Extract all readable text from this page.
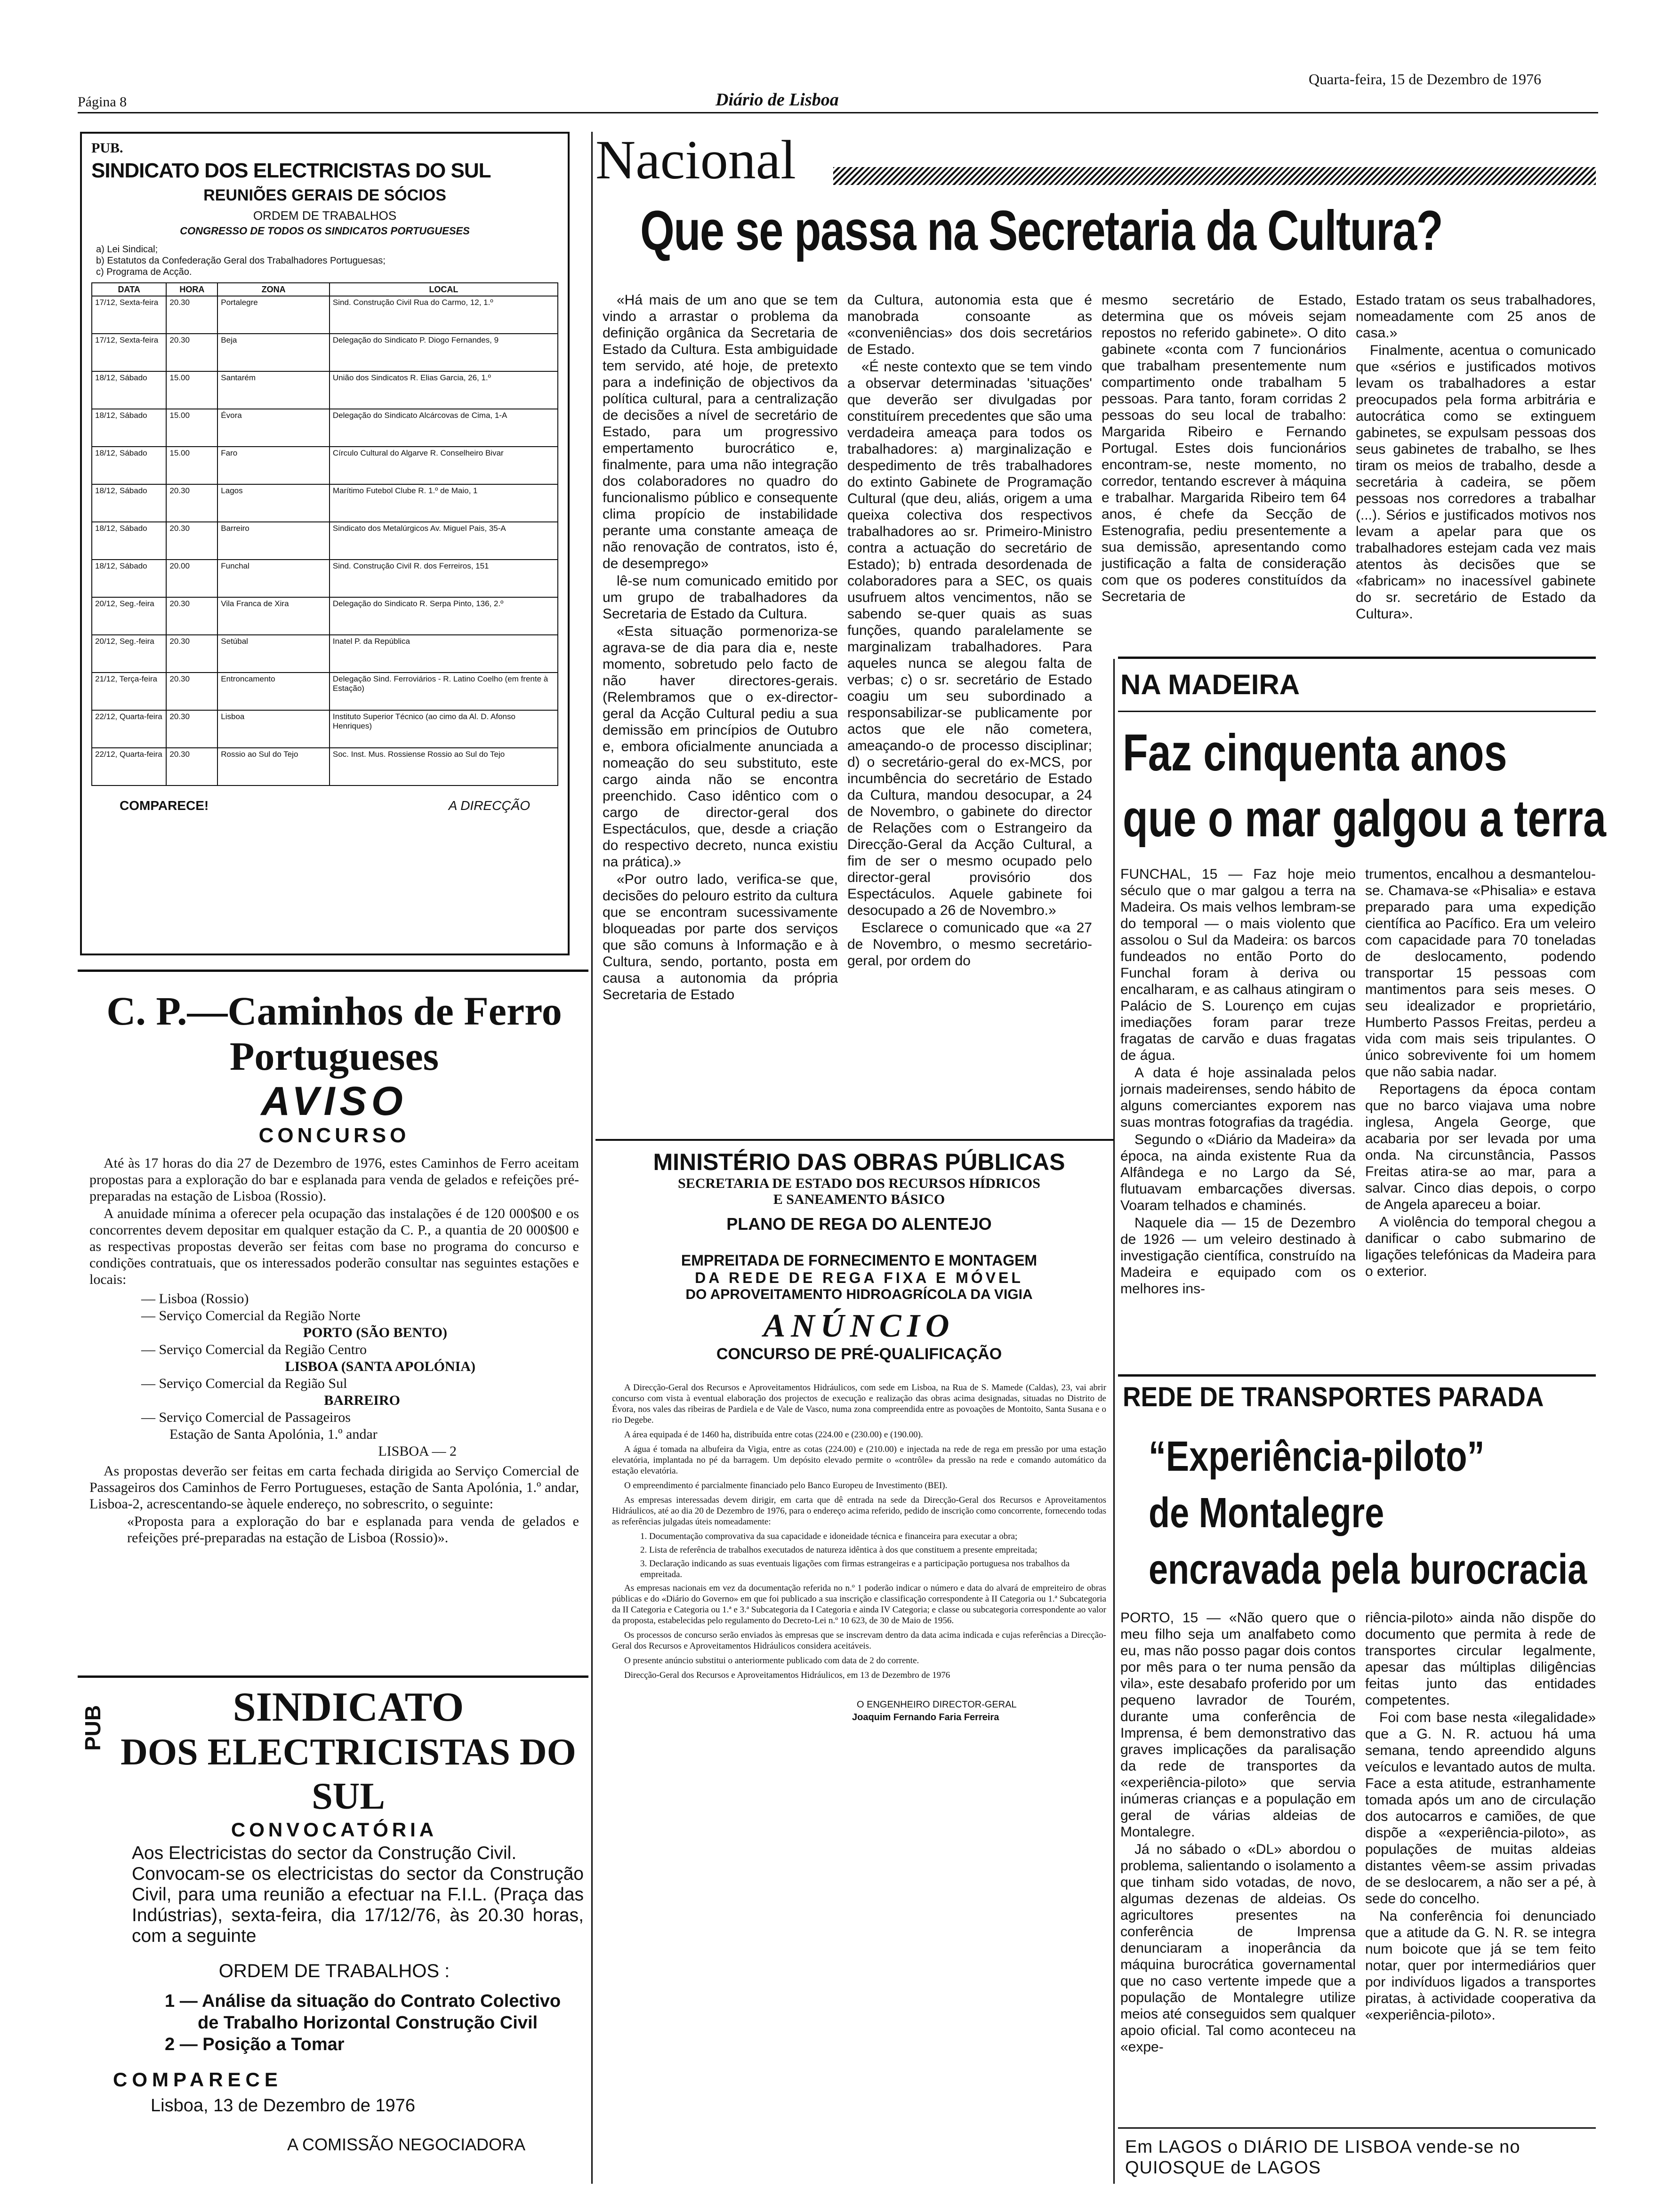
Página 8	Diário de Lisboa
Quarta-feira, 15 de Dezembro de 1976
PUB.
SINDICATO DOS ELECTRICISTAS DO SUL
REUNIÕES GERAIS DE SÓCIOS
ORDEM DE TRABALHOS
CONGRESSO DE TODOS OS SINDICATOS PORTUGUESES
a) Lei Sindical;
b) Estatutos da Confederação Geral dos Trabalhadores Portuguesas;
c) Programa de Acção.
DATA	HORA	ZONA	LOCAL
17/12, Sexta-feira	20.30	Portalegre	Sind. Construção Civil Rua do Carmo, 12, 1.º
17/12, Sexta-feira	20.30	Beja	Delegação do Sindicato P. Diogo Fernandes, 9
18/12, Sábado	15.00	Santarém	União dos Sindicatos R. Elias Garcia, 26, 1.º
18/12, Sábado	15.00	Évora	Delegação do Sindicato Alcárcovas de Cima, 1-A
18/12, Sábado	15.00	Faro	Círculo Cultural do Algarve R. Conselheiro Bivar
18/12, Sábado	20.30	Lagos	Marítimo Futebol Clube R. 1.º de Maio, 1
18/12, Sábado	20.30	Barreiro	Sindicato dos Metalúrgicos Av. Miguel Pais, 35-A
18/12, Sábado	20.00	Funchal	Sind. Construção Civil R. dos Ferreiros, 151
20/12, Seg.-feira	20.30	Vila Franca de Xira	Delegação do Sindicato R. Serpa Pinto, 136, 2.º
20/12, Seg.-feira	20.30	Setúbal	Inatel P. da República
21/12, Terça-feira	20.30	Entroncamento	Delegação Sind. Ferroviários - R. Latino Coelho (em frente à Estação)
22/12, Quarta-feira	20.30	Lisboa	Instituto Superior Técnico (ao cimo da Al. D. Afonso Henriques)
22/12, Quarta-feira	20.30	Rossio ao Sul do Tejo	Soc. Inst. Mus. Rossiense Rossio ao Sul do Tejo
COMPARECE!	A DIRECÇÃO
C. P.—Caminhos de Ferro
Portugueses
AVISO
CONCURSO

Até às 17 horas do dia 27 de Dezembro de 1976, estes Caminhos de Ferro aceitam propostas para a exploração do bar e esplanada para venda de gelados e refeições pré-preparadas na estação de Lisboa (Rossio).

A anuidade mínima a oferecer pela ocupação das instalações é de 120 000$00 e os concorrentes devem depositar em qualquer estação da C. P., a quantia de 20 000$00 e as respectivas propostas deverão ser feitas com base no programa do concurso e condições contratuais, que os interessados poderão consultar nas seguintes estações e locais:

— Lisboa (Rossio)
— Serviço Comercial da Região Norte
PORTO (SÃO BENTO)
— Serviço Comercial da Região Centro
LISBOA (SANTA APOLÓNIA)
— Serviço Comercial da Região Sul
BARREIRO
— Serviço Comercial de Passageiros
Estação de Santa Apolónia, 1.º andar
LISBOA — 2

As propostas deverão ser feitas em carta fechada dirigida ao Serviço Comercial de Passageiros dos Caminhos de Ferro Portugueses, estação de Santa Apolónia, 1.º andar, Lisboa-2, acrescentando-se àquele endereço, no sobrescrito, o seguinte:

«Proposta para a exploração do bar e esplanada para venda de gelados e refeições pré-preparadas na estação de Lisboa (Rossio)».

PUB	SINDICATO
DOS ELECTRICISTAS DO SUL
CONVOCATÓRIA
Aos Electricistas do sector da Construção Civil.
Convocam-se os electricistas do sector da Construção Civil, para uma reunião a efectuar na F.I.L. (Praça das Indústrias), sexta-feira, dia 17/12/76, às 20.30 horas, com a seguinte
ORDEM DE TRABALHOS :
1 — Análise da situação do Contrato Colectivo
de Trabalho Horizontal Construção Civil
2 — Posição a Tomar
COMPARECE
Lisboa, 13 de Dezembro de 1976
A COMISSÃO NEGOCIADORA
Nacional
Que se passa na Secretaria da Cultura?

«Há mais de um ano que se tem vindo a arrastar o problema da definição orgânica da Secretaria de Estado da Cultura. Esta ambiguidade tem servido, até hoje, de pretexto para a indefinição de objectivos da política cultural, para a centralização de decisões a nível de secretário de Estado, para um progressivo empertamento burocrático e, finalmente, para uma não integração dos colaboradores no quadro do funcionalismo público e consequente clima propício de instabilidade perante uma constante ameaça de não renovação de contratos, isto é, de desemprego»

lê-se num comunicado emitido por um grupo de trabalhadores da Secretaria de Estado da Cultura.

«Esta situação pormenoriza-se agrava-se de dia para dia e, neste momento, sobretudo pelo facto de não haver directores-gerais. (Relembramos que o ex-director-geral da Acção Cultural pediu a sua demissão em princípios de Outubro e, embora oficialmente anunciada a nomeação do seu substituto, este cargo ainda não se encontra preenchido. Caso idêntico com o cargo de director-geral dos Espectáculos, que, desde a criação do respectivo decreto, nunca existiu na prática).»

«Por outro lado, verifica-se que, decisões do pelouro estrito da cultura que se encontram sucessivamente bloqueadas por parte dos serviços que são comuns à Informação e à Cultura, sendo, portanto, posta em causa a autonomia da própria Secretaria de Estado

da Cultura, autonomia esta que é manobrada consoante as «conveniências» dos dois secretários de Estado.

«É neste contexto que se tem vindo a observar determinadas 'situações' que deverão ser divulgadas por constituírem precedentes que são uma verdadeira ameaça para todos os trabalhadores: a) marginalização e despedimento de três trabalhadores do extinto Gabinete de Programação Cultural (que deu, aliás, origem a uma queixa colectiva dos respectivos trabalhadores ao sr. Primeiro-Ministro contra a actuação do secretário de Estado); b) entrada desordenada de colaboradores para a SEC, os quais usufruem altos vencimentos, não se sabendo se-quer quais as suas funções, quando paralelamente se marginalizam trabalhadores. Para aqueles nunca se alegou falta de verbas; c) o sr. secretário de Estado coagiu um seu subordinado a responsabilizar-se publicamente por actos que ele não cometera, ameaçando-o de processo disciplinar; d) o secretário-geral do ex-MCS, por incumbência do secretário de Estado da Cultura, mandou desocupar, a 24 de Novembro, o gabinete do director de Relações com o Estrangeiro da Direcção-Geral da Acção Cultural, a fim de ser o mesmo ocupado pelo director-geral provisório dos Espectáculos. Aquele gabinete foi desocupado a 26 de Novembro.»

Esclarece o comunicado que «a 27 de Novembro, o mesmo secretário-geral, por ordem do

mesmo secretário de Estado, determina que os móveis sejam repostos no referido gabinete». O dito gabinete «conta com 7 funcionários que trabalham presentemente num compartimento onde trabalham 5 pessoas. Para tanto, foram corridas 2 pessoas do seu local de trabalho: Margarida Ribeiro e Fernando Portugal. Estes dois funcionários encontram-se, neste momento, no corredor, tentando escrever à máquina e trabalhar. Margarida Ribeiro tem 64 anos, é chefe da Secção de Estenografia, pediu presentemente a sua demissão, apresentando como justificação a falta de consideração com que os poderes constituídos da Secretaria de

Estado tratam os seus trabalhadores, nomeadamente com 25 anos de casa.»

Finalmente, acentua o comunicado que «sérios e justificados motivos levam os trabalhadores a estar preocupados pela forma arbitrária e autocrática como se extinguem gabinetes, se expulsam pessoas dos seus gabinetes de trabalho, se lhes tiram os meios de trabalho, desde a secretária à cadeira, se põem pessoas nos corredores a trabalhar (...). Sérios e justificados motivos nos levam a apelar para que os trabalhadores estejam cada vez mais atentos às decisões que se «fabricam» no inacessível gabinete do sr. secretário de Estado da Cultura».

MINISTÉRIO DAS OBRAS PÚBLICAS
SECRETARIA DE ESTADO DOS RECURSOS HÍDRICOS
E SANEAMENTO BÁSICO
PLANO DE REGA DO ALENTEJO
EMPREITADA DE FORNECIMENTO E MONTAGEM
DA REDE DE REGA FIXA E MÓVEL
DO APROVEITAMENTO HIDROAGRÍCOLA DA VIGIA
ANÚNCIO
CONCURSO DE PRÉ-QUALIFICAÇÃO

A Direcção-Geral dos Recursos e Aproveitamentos Hidráulicos, com sede em Lisboa, na Rua de S. Mamede (Caldas), 23, vai abrir concurso com vista à eventual elaboração dos projectos de execução e realização das obras acima designadas, situadas no Distrito de Évora, nos vales das ribeiras de Pardiela e de Vale de Vasco, numa zona compreendida entre as povoações de Montoito, Santa Susana e o rio Degebe.

A área equipada é de 1460 ha, distribuída entre cotas (224.00 e (230.00) e (190.00).

A água é tomada na albufeira da Vigia, entre as cotas (224.00) e (210.00) e injectada na rede de rega em pressão por uma estação elevatória, implantada no pé da barragem. Um depósito elevado permite o «contrôle» da pressão na rede e comando automático da estação elevatória.

O empreendimento é parcialmente financiado pelo Banco Europeu de Investimento (BEI).

As empresas interessadas devem dirigir, em carta que dê entrada na sede da Direcção-Geral dos Recursos e Aproveitamentos Hidráulicos, até ao dia 20 de Dezembro de 1976, para o endereço acima referido, pedido de inscrição como concorrente, fornecendo todas as referências julgadas úteis nomeadamente:

1. Documentação comprovativa da sua capacidade e idoneidade técnica e financeira para executar a obra;
2. Lista de referência de trabalhos executados de natureza idêntica à dos que constituem a presente empreitada;
3. Declaração indicando as suas eventuais ligações com firmas estrangeiras e a participação portuguesa nos trabalhos da empreitada.

As empresas nacionais em vez da documentação referida no n.º 1 poderão indicar o número e data do alvará de empreiteiro de obras públicas e do «Diário do Governo» em que foi publicado a sua inscrição e classificação correspondente à II Categoria ou 1.ª Subcategoria da II Categoria e Categoria ou 1.ª e 3.ª Subcategoria da I Categoria e ainda IV Categoria; e classe ou subcategoria correspondente ao valor da proposta, estabelecidas pelo regulamento do Decreto-Lei n.º 10 623, de 30 de Maio de 1956.

Os processos de concurso serão enviados às empresas que se inscrevam dentro da data acima indicada e cujas referências a Direcção-Geral dos Recursos e Aproveitamentos Hidráulicos considera aceitáveis.

O presente anúncio substitui o anteriormente publicado com data de 2 do corrente.

Direcção-Geral dos Recursos e Aproveitamentos Hidráulicos, em 13 de Dezembro de 1976

O ENGENHEIRO DIRECTOR-GERAL
Joaquim Fernando Faria Ferreira
NA MADEIRA
Faz cinquenta anos
que o mar galgou a terra

FUNCHAL, 15 — Faz hoje meio século que o mar galgou a terra na Madeira. Os mais velhos lembram-se do temporal — o mais violento que assolou o Sul da Madeira: os barcos fundeados no então Porto do Funchal foram à deriva ou encalharam, e as calhaus atingiram o Palácio de S. Lourenço em cujas imediações foram parar treze fragatas de carvão e duas fragatas de água.

A data é hoje assinalada pelos jornais madeirenses, sendo hábito de alguns comerciantes exporem nas suas montras fotografias da tragédia.

Segundo o «Diário da Madeira» da época, na ainda existente Rua da Alfândega e no Largo da Sé, flutuavam embarcações diversas. Voaram telhados e chaminés.

Naquele dia — 15 de Dezembro de 1926 — um veleiro destinado à investigação científica, construído na Madeira e equipado com os melhores ins-

trumentos, encalhou a desmantelou-se. Chamava-se «Phisalia» e estava preparado para uma expedição científica ao Pacífico. Era um veleiro com capacidade para 70 toneladas de deslocamento, podendo transportar 15 pessoas com mantimentos para seis meses. O seu idealizador e proprietário, Humberto Passos Freitas, perdeu a vida com mais seis tripulantes. O único sobrevivente foi um homem que não sabia nadar.

Reportagens da época contam que no barco viajava uma nobre inglesa, Angela George, que acabaria por ser levada por uma onda. Na circunstância, Passos Freitas atira-se ao mar, para a salvar. Cinco dias depois, o corpo de Angela apareceu a boiar.

A violência do temporal chegou a danificar o cabo submarino de ligações telefónicas da Madeira para o exterior.

REDE DE TRANSPORTES PARADA
“Experiência-piloto”
de Montalegre
encravada pela burocracia

PORTO, 15 — «Não quero que o meu filho seja um analfabeto como eu, mas não posso pagar dois contos por mês para o ter numa pensão da vila», este desabafo proferido por um pequeno lavrador de Tourém, durante uma conferência de Imprensa, é bem demonstrativo das graves implicações da paralisação da rede de transportes da «experiência-piloto» que servia inúmeras crianças e a população em geral de várias aldeias de Montalegre.

Já no sábado o «DL» abordou o problema, salientando o isolamento a que tinham sido votadas, de novo, algumas dezenas de aldeias. Os agricultores presentes na conferência de Imprensa denunciaram a inoperância da máquina burocrática governamental que no caso vertente impede que a população de Montalegre utilize meios até conseguidos sem qualquer apoio oficial. Tal como aconteceu na «expe-

riência-piloto» ainda não dispõe do documento que permita à rede de transportes circular legalmente, apesar das múltiplas diligências feitas junto das entidades competentes.

Foi com base nesta «ilegalidade» que a G. N. R. actuou há uma semana, tendo apreendido alguns veículos e levantado autos de multa. Face a esta atitude, estranhamente tomada após um ano de circulação dos autocarros e camiões, de que dispõe a «experiência-piloto», as populações de muitas aldeias distantes vêem-se assim privadas de se deslocarem, a não ser a pé, à sede do concelho.

Na conferência foi denunciado que a atitude da G. N. R. se integra num boicote que já se tem feito notar, quer por intermediários quer por indivíduos ligados a transportes piratas, à actividade cooperativa da «experiência-piloto».

Em LAGOS o DIÁRIO DE LISBOA vende-se no QUIOSQUE de LAGOS
